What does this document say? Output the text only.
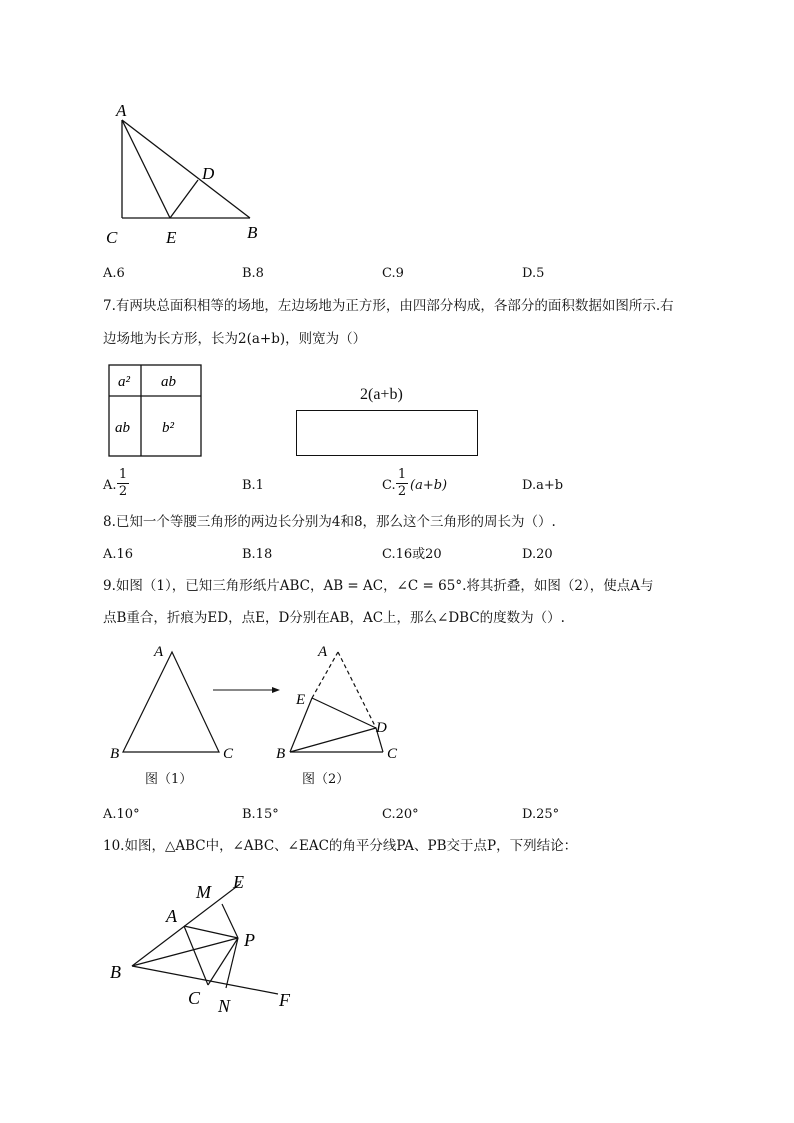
A
D
C	E	B
A.6	B.8	C.9	D.5
7.有两块总面积相等的场地，左边场地为正方形，由四部分构成，各部分的面积数据如图所示.右
边场地为长方形，长为2(a+b)，则宽为（）
a² ab
ab b²
2(a+b)
A. $\frac{1}{2}$	B.1	C. $\frac{1}{2} (a+b)$	D.a+b
8.已知一个等腰三角形的两边长分别为4和8，那么这个三角形的周长为（）.
A.16	B.18	C.16或20	D.20
9.如图（1），已知三角形纸片ABC，AB = AC，∠C = 65°.将其折叠，如图（2），使点A与
点B重合，折痕为ED，点E，D分别在AB，AC上，那么∠DBC的度数为（）.
A
B	C
A
E
D
B	C
图（1）	图（2）
A.10°	B.15°	C.20°	D.25°
10.如图，△ABC中，∠ABC、∠EAC的角平分线PA、PB交于点P，下列结论：
M E
A
P
B
C N	F
